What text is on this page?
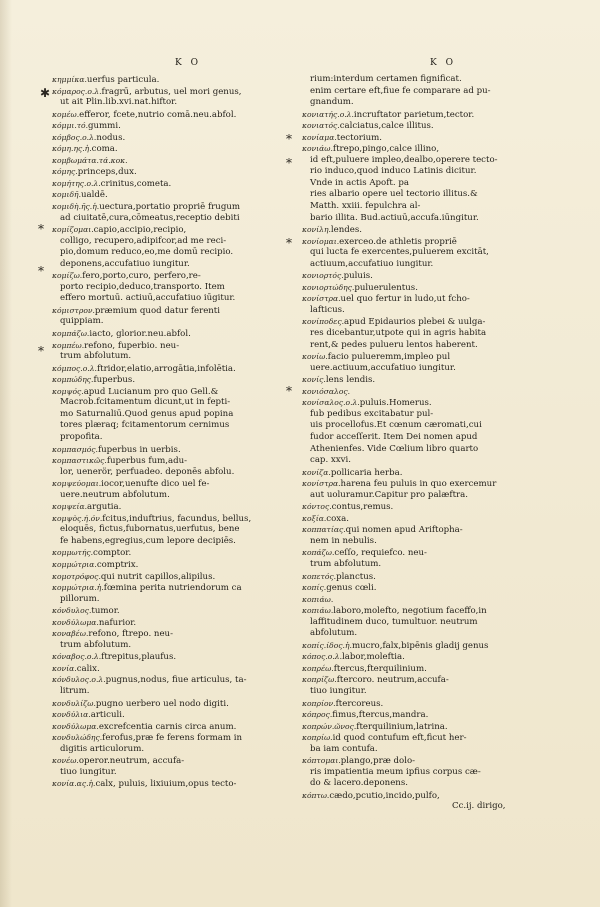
K O	K O
κημμίκα.uerfus particula.
κόμαρος.ο.λ.fragrū, arbutus, uel mori genus,
ut ait Plin.lib.xvi.nat.hiftor.
κομέω.efferor, fcete,nutrio comā.neu.abfol.
κόμμι.τό.gummi.
κόμβος.ο.λ.nodus.
κόμη.ης.ἡ.coma.
κομβωμάτα.τά.κοκ.
κόμης.princeps,dux.
κομήτης.ο.λ.crinitus,cometa.
κομιδῆ.ualdē.
κομιδὴ.ῆς.ἡ.uectura,portatio propriē frugum
ad ciuitatē,cura,cōmeatus,receptio debiti
κομίζομαι.capio,accipio,recipio,
colligo, recupero,adipifcor,ad me reci-
pio,domum reduco,eo,me domū recipio.
deponens,accufatiuo iungitur.
κομίζω.fero,porto,curo, perfero,re-
porto recipio,deduco,transporto. Item
effero mortuū. actiuū,accufatiuo iūgitur.
κόμιστρον.præmium quod datur ferenti
quippiam.
κομπάζω.iacto, glorior.neu.abfol.
κομπέω.refono, fuperbio. neu-
trum abfolutum.
κόμπος.ο.λ.ftridor,elatio,arrogātia,infolētia.
κομπώδης.fuperbus.
κομψός.apud Lucianum pro quo Gell.&
Macrob.fcitamentum dicunt,ut in fepti-
mo Saturnaliū.Quod genus apud popina
tores plæraq; fcitamentorum cernimus
propofita.
κομπασμός.fuperbus in uerbis.
κομπαστικῶς.fuperbus fum,adu-
lor, uenerör, perfuadeo. deponēs abfolu.
κομψεύομαι.iocor,uenufte dico uel fe-
uere.neutrum abfolutum.
κομψεία.argutia.
κομψὸς.ή.όν.fcitus,induftrius, facundus, bellus,
eloquēs, fictus,fubornatus,uerfutus, bene
fe habens,egregius,cum lepore decipiēs.
κομμωτής.comptor.
κομμώτρια.comptrix.
κομοτρόφος.qui nutrit capillos,alipilus.
κομμώτρια.ἡ.fœmina perita nutriendorum ca
pillorum.
κόνδυλος.tumor.
κονδύλωμα.nafurior.
κοναβέω.refono, ftrepo. neu-
trum abfolutum.
κόναβος.ο.λ.ftrepitus,plaufus.
κονία.calix.
κόνδυλος.ο.λ.pugnus,nodus, fiue articulus, ta-
litrum.
κονδυλίζω.pugno uerbero uel nodo digiti.
κονδύλια.articuli.
κονδύλωμα.excrefcentia carnis circa anum.
κονδυλώδης.ferofus,præ fe ferens formam in
digitis articulorum.
κονέω.operor.neutrum, accufa-
tiuo iungitur.
κονία.ας.ἡ.calx, puluis, lixiuium,opus tecto-
rium:interdum certamen fignificat.
enim certare eft,fiue fe comparare ad pu-
gnandum.
κονιατής.ο.λ.incruftator parietum,tector.
κονιατός.calciatus,calce illitus.
κονίαμα.tectorium.
κονιάω.ftrepo,pingo,calce illino,
id eft,puluere impleo,dealbo,operere tecto-
rio induco,quod induco Latinis dicitur.
Vnde in actis Apoft. pa
ries albario opere uel tectorio illitus.&
Matth. xxiii. fepulchra al-
bario illita. Bud.actiuū,accufa.iūngitur.
κονίλη.lendes.
κονίομαι.exerceo.de athletis propriē
qui lucta fe exercentes,puluerem excitāt,
actiuum,accufatiuo iungitur.
κονιορτός.puluis.
κονιορτώδης.puluerulentus.
κονίστρα.uel quo fertur in ludo,ut fcho-
lafticus.
κονίποδες.apud Epidaurios plebei & uulga-
res dicebantur,utpote qui in agris habita
rent,& pedes pulueru lentos haberent.
κονίω.facio pulueremm,impleo pul
uere.actiuum,accufatiuo iungitur.
κονίς.lens lendis.
κονιόσαλος.
κονίσαλος.ο.λ.puluis.Homerus.
fub pedibus excitabatur pul-
uis procellofus.Et cœnum cæromati,cui
fudor acceſſerit. Item Dei nomen apud
Athenienfes. Vide Cœlium libro quarto
cap. xxvi.
κονίζα.pollicaria herba.
κονίστρα.harena feu puluis in quo exercemur
aut uoluramur.Capitur pro palæftra.
κόντος.contus,remus.
κοξία.coxa.
κοππατίας.qui nomen apud Ariftopha-
nem in nebulis.
κοπάζω.ceſſo, requiefco. neu-
trum abfolutum.
κοπετός.planctus.
κοπίς.genus cœli.
κοπιάω.
κοπιάω.laboro,molefto, negotium faceffo,in
laffitudinem duco, tumultuor. neutrum
abfolutum.
κοπίς.ίδος.ἡ.mucro,falx,bipēnis gladij genus
κόπος.ο.λ.labor,moleftia.
κοπρέω.ftercus,fterquilinium.
κοπρίζω.ftercoro. neutrum,accufa-
tiuo iungitur.
κοπρίον.ftercoreus.
κόπρος.fimus,ftercus,mandra.
κοπρών.ῶνος.fterquilinium,latrina.
κοπρίω.id quod contufum eft,ficut her-
ba iam contufa.
κόπτομαι.plango,præ dolo-
ris impatientia meum ipfius corpus cæ-
do & lacero.deponens.
κόπτω.cædo,pcutio,incido,pulfo,
Cc.ij. dirigo,
✱
*
*
*
*
*
*
*
